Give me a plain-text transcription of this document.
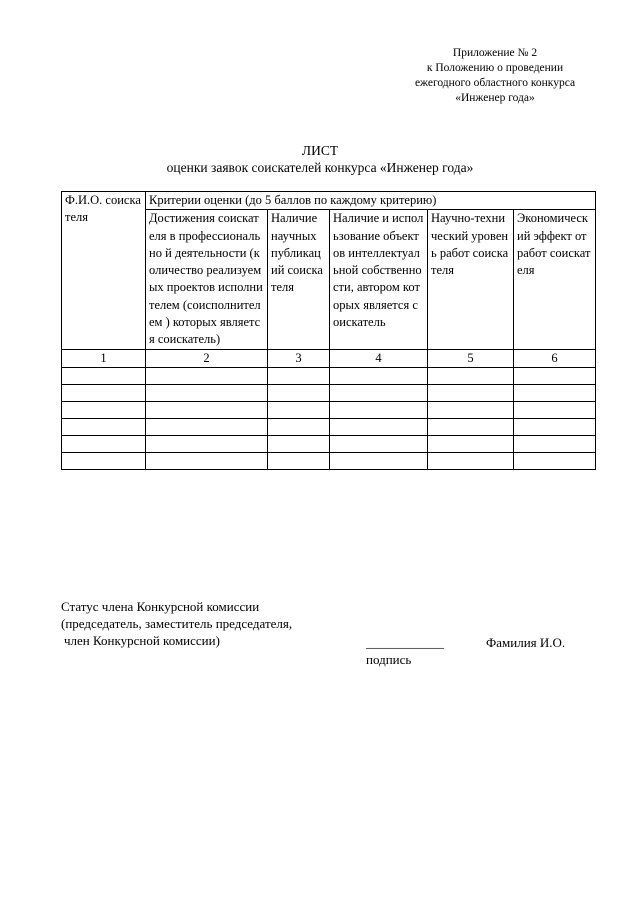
Приложение № 2
к Положению о проведении
ежегодного областного конкурса
«Инженер года»
ЛИСТ
оценки заявок соискателей конкурса «Инженер года»
Ф.И.О. соискателя	Критерии оценки (до 5 баллов по каждому критерию)				
	Достижения соискателя в профессионально й деятельности (количество реализуемых проектов исполнителем (соисполнителем ) которых является соискатель)	Наличие научных публикаций соискателя	Наличие и использование объектов интеллектуальной собственности, автором которых является соискатель	Научно-технический уровень работ соискателя	Экономический эффект от работ соискателя
1	2	3	4	5	6

Статус члена Конкурсной комиссии
(председатель, заместитель председателя,
член Конкурсной комиссии)	____________	Фамилия И.О.
подпись
